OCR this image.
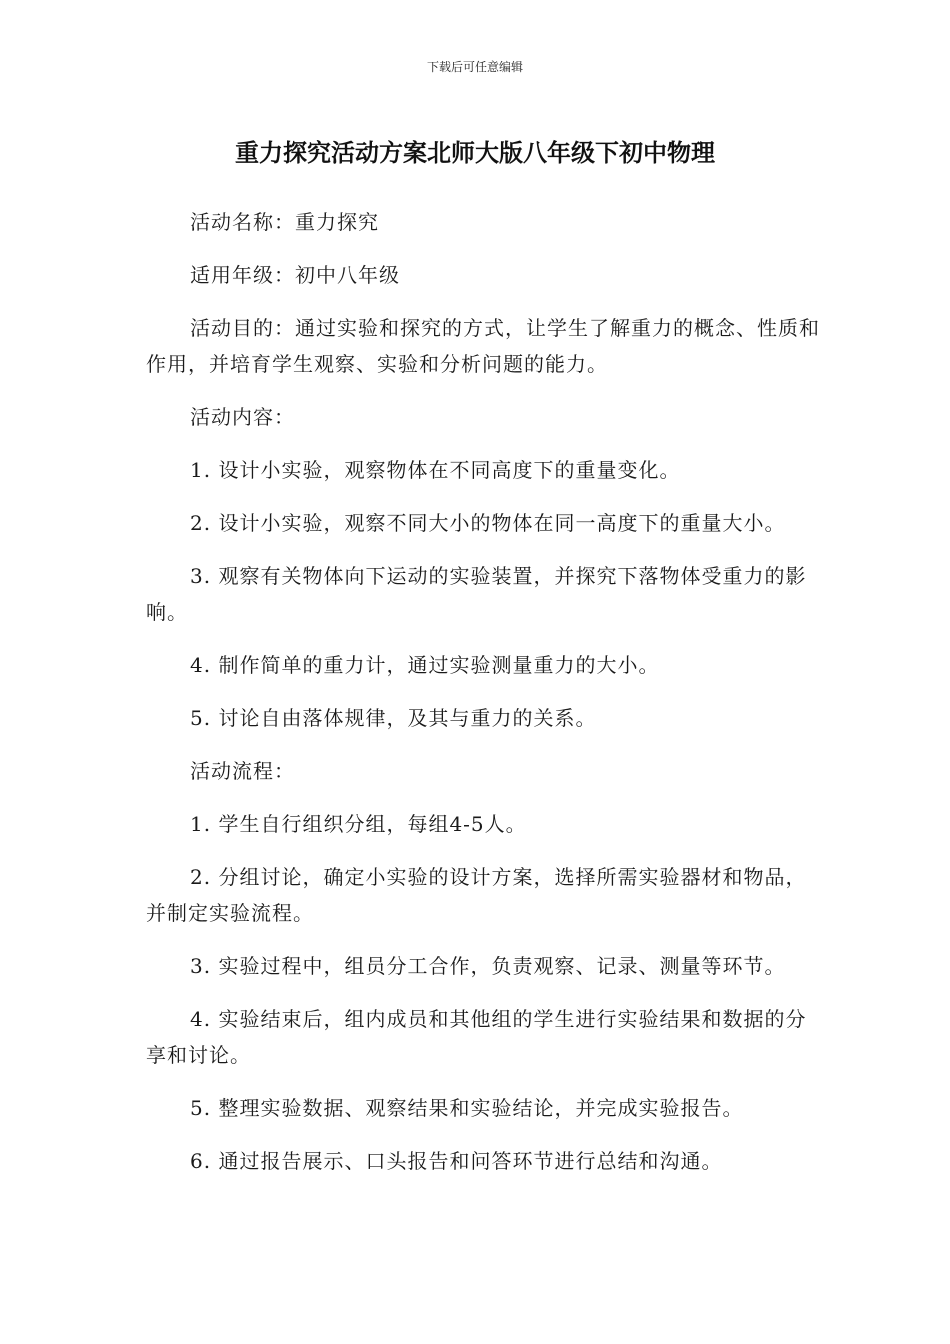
下载后可任意编辑
重力探究活动方案北师大版八年级下初中物理

活动名称：重力探究

适用年级：初中八年级

活动目的：通过实验和探究的方式，让学生了解重力的概念、性质和作用，并培育学生观察、实验和分析问题的能力。

活动内容：

1. 设计小实验，观察物体在不同高度下的重量变化。

2. 设计小实验，观察不同大小的物体在同一高度下的重量大小。

3. 观察有关物体向下运动的实验装置，并探究下落物体受重力的影响。

4. 制作简单的重力计，通过实验测量重力的大小。

5. 讨论自由落体规律，及其与重力的关系。

活动流程：

1. 学生自行组织分组，每组4-5人。

2. 分组讨论，确定小实验的设计方案，选择所需实验器材和物品，并制定实验流程。

3. 实验过程中，组员分工合作，负责观察、记录、测量等环节。

4. 实验结束后，组内成员和其他组的学生进行实验结果和数据的分享和讨论。

5. 整理实验数据、观察结果和实验结论，并完成实验报告。

6. 通过报告展示、口头报告和问答环节进行总结和沟通。
